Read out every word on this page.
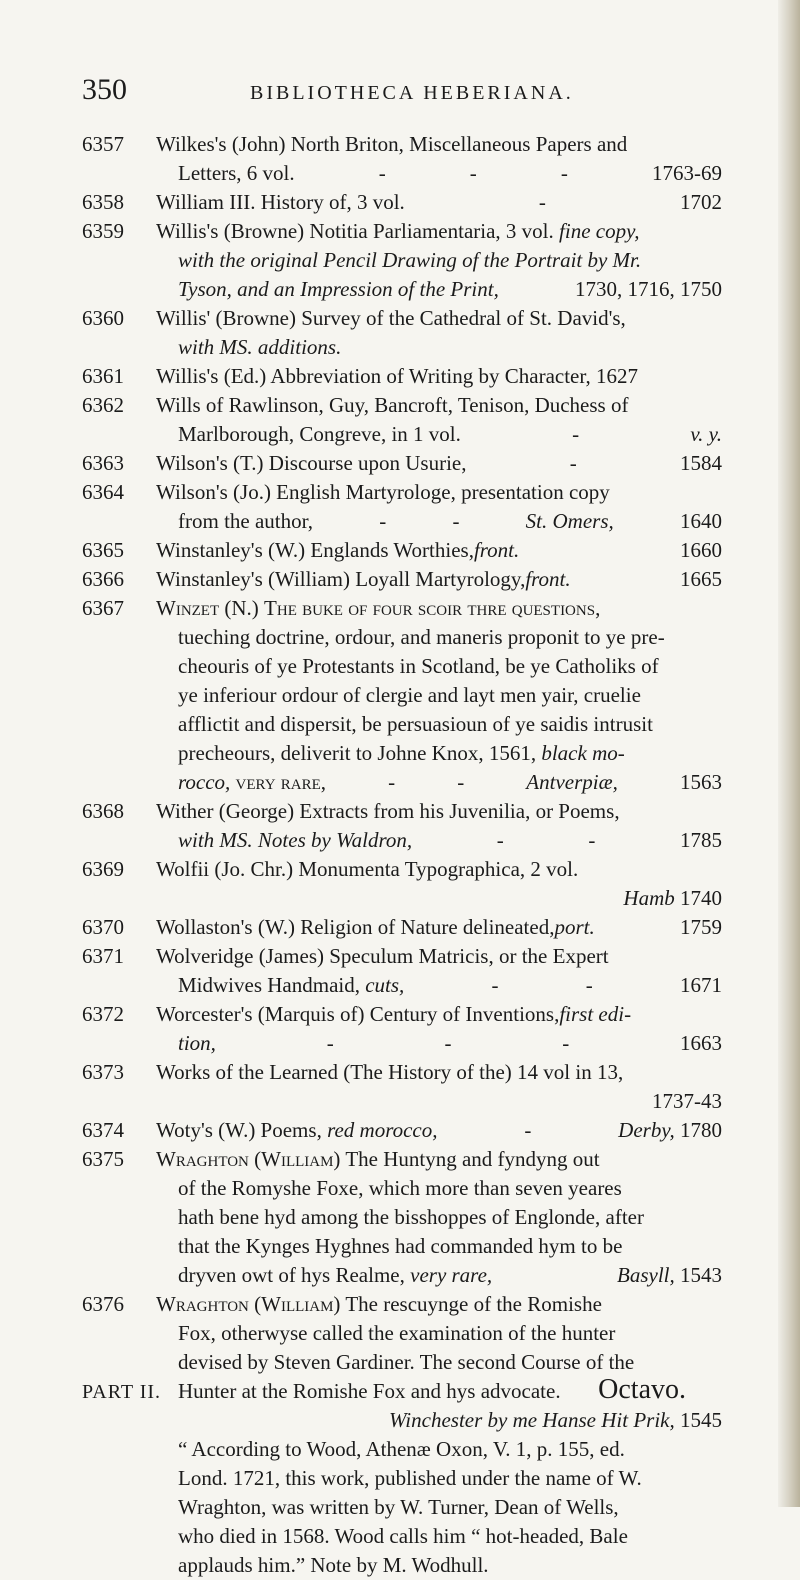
350	BIBLIOTHECA HEBERIANA.
6357	Wilkes's (John) North Briton, Miscellaneous Papers and
Letters, 6 vol.	-	-	-	1763-69
6358	William III. History of, 3 vol.	-	1702
6359	Willis's (Browne) Notitia Parliamentaria, 3 vol. fine copy,
with the original Pencil Drawing of the Portrait by Mr.
Tyson, and an Impression of the Print,	1730, 1716, 1750
6360	Willis' (Browne) Survey of the Cathedral of St. David's,
with MS. additions.
6361	Willis's (Ed.) Abbreviation of Writing by Character, 1627
6362	Wills of Rawlinson, Guy, Bancroft, Tenison, Duchess of
Marlborough, Congreve, in 1 vol.	-	v. y.
6363	Wilson's (T.) Discourse upon Usurie,	-	1584
6364	Wilson's (Jo.) English Martyrologe, presentation copy
from the author,	-	-	St. Omers,	1640
6365	Winstanley's (W.) Englands Worthies,front.	1660
6366	Winstanley's (William) Loyall Martyrology,front.	1665
6367	Winzet (N.) The buke of four scoir thre questions,
tueching doctrine, ordour, and maneris proponit to ye pre-
cheouris of ye Protestants in Scotland, be ye Catholiks of
ye inferiour ordour of clergie and layt men yair, cruelie
afflictit and dispersit, be persuasioun of ye saidis intrusit
precheours, deliverit to Johne Knox, 1561, black mo-
rocco, very rare,	-	-	Antverpiæ,	1563
6368	Wither (George) Extracts from his Juvenilia, or Poems,
with MS. Notes by Waldron,	-	-	1785
6369	Wolfii (Jo. Chr.) Monumenta Typographica, 2 vol.
Hamb 1740
6370	Wollaston's (W.) Religion of Nature delineated,port.	1759
6371	Wolveridge (James) Speculum Matricis, or the Expert
Midwives Handmaid, cuts,	-	-	1671
6372	Worcester's (Marquis of) Century of Inventions,first edi-
tion,	-	-	-	1663
6373	Works of the Learned (The History of the) 14 vol in 13,
1737-43
6374	Woty's (W.) Poems, red morocco,	-	Derby, 1780
6375	Wraghton (William) The Huntyng and fyndyng out
of the Romyshe Foxe, which more than seven yeares
hath bene hyd among the bisshoppes of Englonde, after
that the Kynges Hyghnes had commanded hym to be
dryven owt of hys Realme, very rare,	Basyll, 1543
6376	Wraghton (William) The rescuynge of the Romishe
Fox, otherwyse called the examination of the hunter
devised by Steven Gardiner. The second Course of the
Hunter at the Romishe Fox and hys advocate.
Winchester by me Hanse Hit Prik, 1545
“ According to Wood, Athenæ Oxon, V. 1, p. 155, ed.
Lond. 1721, this work, published under the name of W.
Wraghton, was written by W. Turner, Dean of Wells,
who died in 1568. Wood calls him “ hot-headed, Bale
applauds him.” Note by M. Wodhull.
PART II.	Octavo.
